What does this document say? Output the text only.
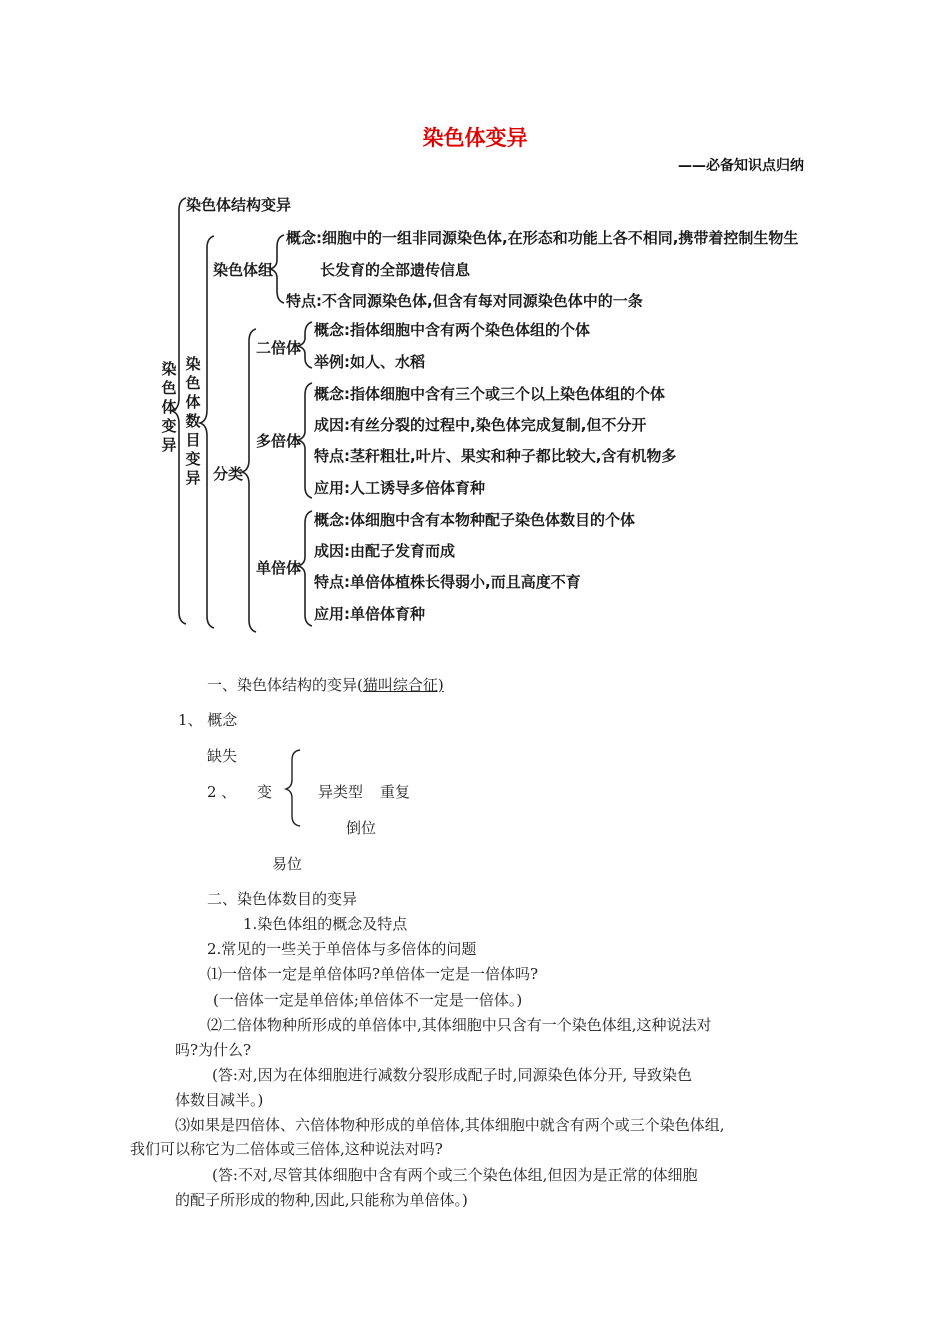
染色体变异
——必备知识点归纳
染色体变异
染色体结构变异
染色体数目变异
染色体组
概念:细胞中的一组非同源染色体,在形态和功能上各不相同,携带着控制生物生
长发育的全部遗传信息
特点:不含同源染色体,但含有每对同源染色体中的一条
分类
二倍体
概念:指体细胞中含有两个染色体组的个体
举例:如人、水稻
多倍体
概念:指体细胞中含有三个或三个以上染色体组的个体
成因:有丝分裂的过程中,染色体完成复制,但不分开
特点:茎秆粗壮,叶片、果实和种子都比较大,含有机物多
应用:人工诱导多倍体育种
单倍体
概念:体细胞中含有本物种配子染色体数目的个体
成因:由配子发育而成
特点:单倍体植株长得弱小,而且高度不育
应用:单倍体育种
一、染色体结构的变异(猫叫综合征)
1、 概念
缺失
2 、 变	异类型 重复
倒位
易位
二、染色体数目的变异
1.染色体组的概念及特点
2.常见的一些关于单倍体与多倍体的问题
⑴一倍体一定是单倍体吗?单倍体一定是一倍体吗?
(一倍体一定是单倍体;单倍体不一定是一倍体。)
⑵二倍体物种所形成的单倍体中,其体细胞中只含有一个染色体组,这种说法对
吗?为什么?
(答:对,因为在体细胞进行减数分裂形成配子时,同源染色体分开, 导致染色
体数目减半。)
⑶如果是四倍体、六倍体物种形成的单倍体,其体细胞中就含有两个或三个染色体组,
我们可以称它为二倍体或三倍体,这种说法对吗?
(答:不对,尽管其体细胞中含有两个或三个染色体组,但因为是正常的体细胞
的配子所形成的物种,因此,只能称为单倍体。)
